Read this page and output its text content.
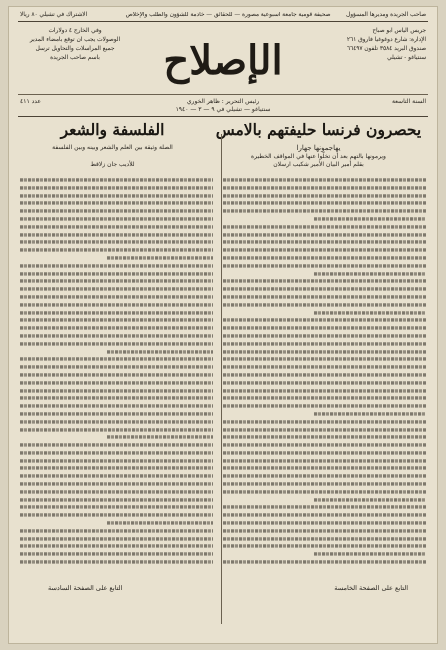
صاحب الجريدة ومديرها المسؤول
صحيفة قومية جامعة أسبوعية مصورة — للحقائق — خادمة للشؤون والطلب والإخلاص
الاشتراك في تشيلي ٨٠ ريالا
جريس الياس ابو صباح
الإدارة: شارع دوغوغيا فاروق ٢٦١
صندوق البريد ٣٥٨٤ تلفون ٦٦٤٩٧
سنتياغو - تشيلي
وفي الخارج ٤ دولارات
الوصولات يجب ان توقع بامضاء المدير
جميع المراسلات والتحاويل ترسل
باسم صاحب الجريدة	الإصلاح
السنة التاسعة
رئيس التحرير : ظاهر الخوري
سنتياغو — تشيلي في ٩ — ٣ — ١٩٤٠
عدد ٤١١
يحصرون فرنسا حليفتهم بالامس
يهاجمونها جهارا
ويرمونها بالتهم بعد أن تخلّوا عنها في المواقف الخطيرة
بقلم أمير البيان الأمير شكيب ارسلان
الفلسفة والشعر
الصلة وثيقة بين العلم والشعر وبينه وبين الفلسفة
للأديب جان زلاقط
التابع على الصفحة الخامسة
التابع على الصفحة السادسة
